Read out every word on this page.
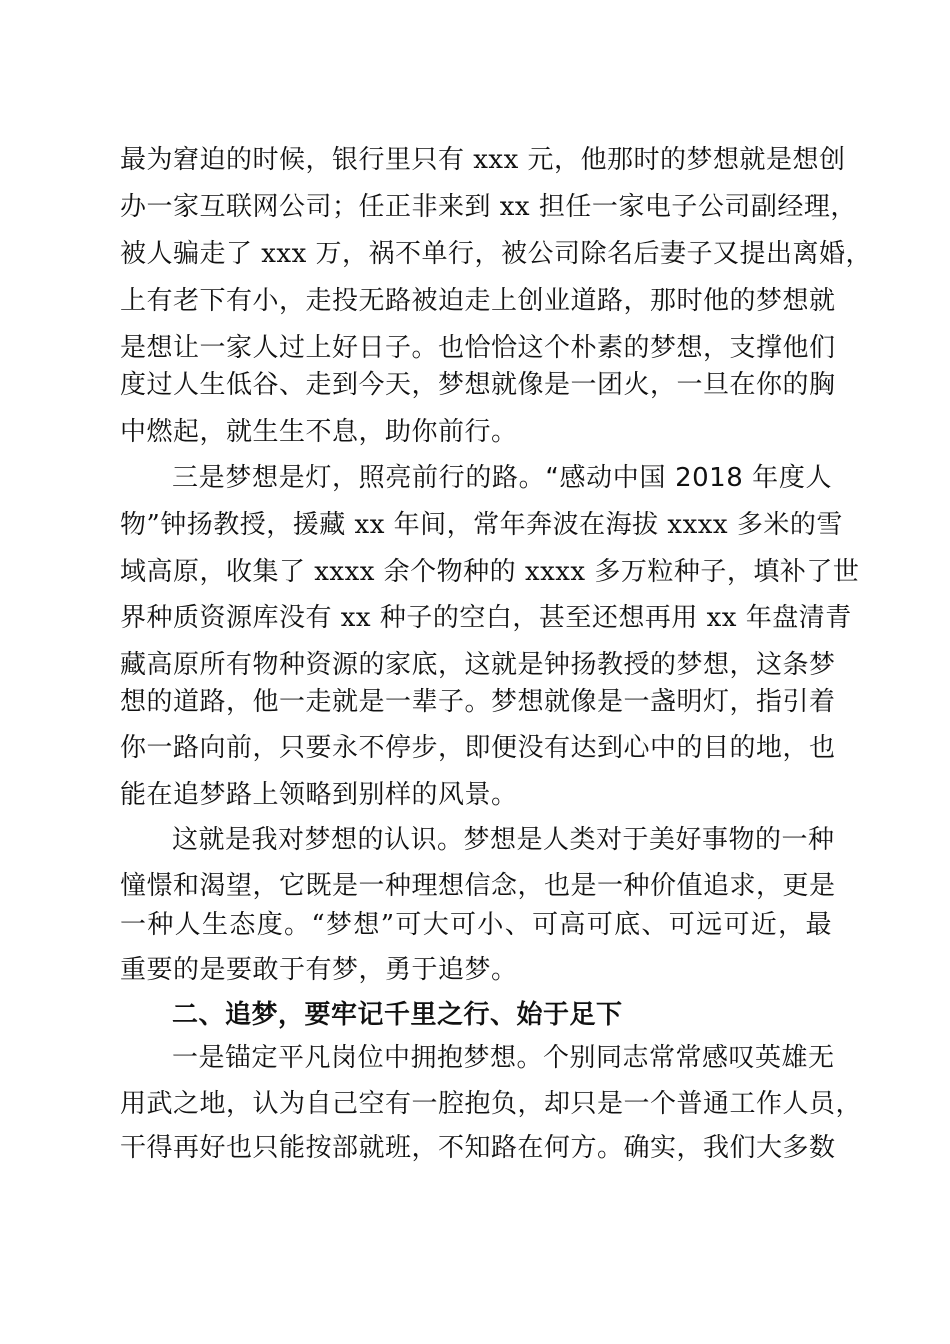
最为窘迫的时候，银行里只有 xxx 元，他那时的梦想就是想创
办一家互联网公司；任正非来到 xx 担任一家电子公司副经理，
被人骗走了 xxx 万，祸不单行，被公司除名后妻子又提出离婚，
上有老下有小，走投无路被迫走上创业道路，那时他的梦想就
是想让一家人过上好日子。也恰恰这个朴素的梦想，支撑他们
度过人生低谷、走到今天，梦想就像是一团火，一旦在你的胸
中燃起，就生生不息，助你前行。
三是梦想是灯，照亮前行的路。“感动中国 2018 年度人
物”钟扬教授，援藏 xx 年间，常年奔波在海拔 xxxx 多米的雪
域高原，收集了 xxxx 余个物种的 xxxx 多万粒种子，填补了世
界种质资源库没有 xx 种子的空白，甚至还想再用 xx 年盘清青
藏高原所有物种资源的家底，这就是钟扬教授的梦想，这条梦
想的道路，他一走就是一辈子。梦想就像是一盏明灯，指引着
你一路向前，只要永不停步，即便没有达到心中的目的地，也
能在追梦路上领略到别样的风景。
这就是我对梦想的认识。梦想是人类对于美好事物的一种
憧憬和渴望，它既是一种理想信念，也是一种价值追求，更是
一种人生态度。“梦想”可大可小、可高可底、可远可近，最
重要的是要敢于有梦，勇于追梦。
二、追梦，要牢记千里之行、始于足下
一是锚定平凡岗位中拥抱梦想。个别同志常常感叹英雄无
用武之地，认为自己空有一腔抱负，却只是一个普通工作人员，
干得再好也只能按部就班，不知路在何方。确实，我们大多数
